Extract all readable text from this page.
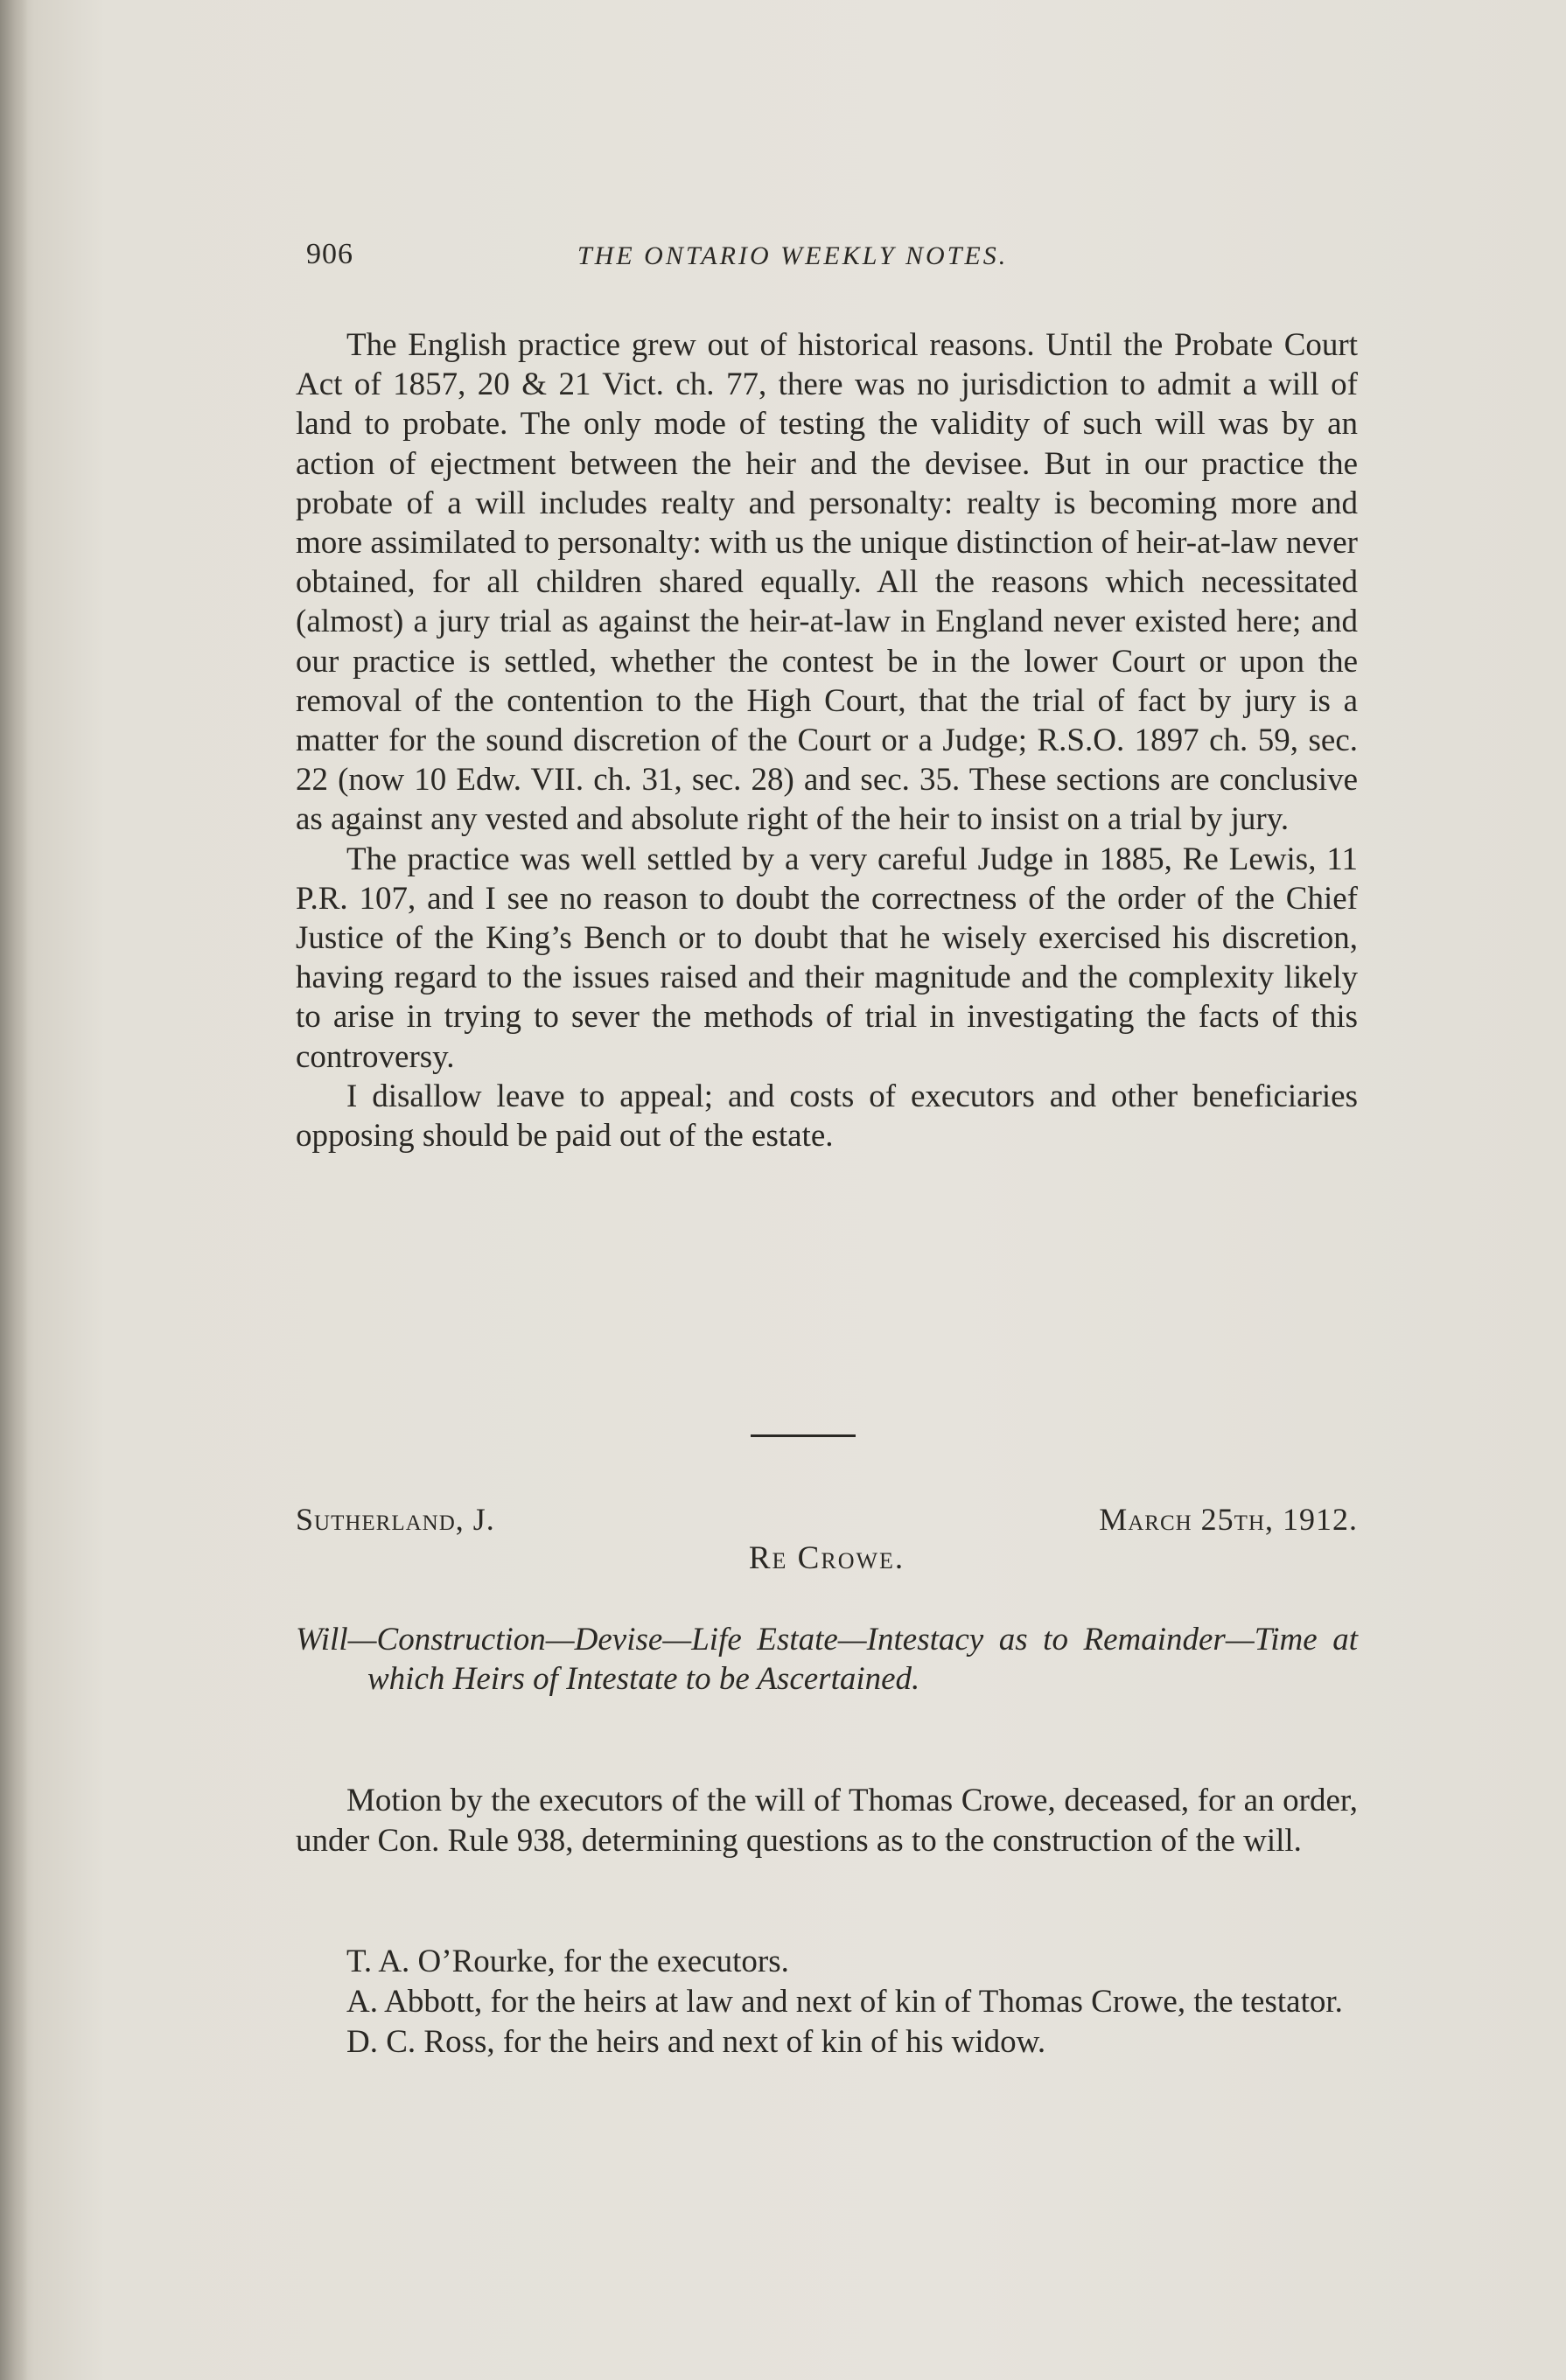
906	THE ONTARIO WEEKLY NOTES.

The English practice grew out of historical reasons. Until the Probate Court Act of 1857, 20 & 21 Vict. ch. 77, there was no jurisdiction to admit a will of land to probate. The only mode of testing the validity of such will was by an action of ejectment between the heir and the devisee. But in our practice the probate of a will includes realty and personalty: realty is becoming more and more assimilated to personalty: with us the unique distinction of heir-at-law never obtained, for all children shared equally. All the reasons which necessitated (almost) a jury trial as against the heir-at-law in England never existed here; and our practice is settled, whether the contest be in the lower Court or upon the removal of the contention to the High Court, that the trial of fact by jury is a matter for the sound discretion of the Court or a Judge; R.S.O. 1897 ch. 59, sec. 22 (now 10 Edw. VII. ch. 31, sec. 28) and sec. 35. These sections are conclusive as against any vested and absolute right of the heir to insist on a trial by jury.

The practice was well settled by a very careful Judge in 1885, Re Lewis, 11 P.R. 107, and I see no reason to doubt the correctness of the order of the Chief Justice of the King’s Bench or to doubt that he wisely exercised his discretion, having regard to the issues raised and their magnitude and the complexity likely to arise in trying to sever the methods of trial in investigating the facts of this controversy.

I disallow leave to appeal; and costs of executors and other beneficiaries opposing should be paid out of the estate.

Sutherland, J.	March 25th, 1912.
Re Crowe.
Will—Construction—Devise—Life Estate—Intestacy as to Remainder—Time at which Heirs of Intestate to be Ascertained.

Motion by the executors of the will of Thomas Crowe, deceased, for an order, under Con. Rule 938, determining questions as to the construction of the will.

T. A. O’Rourke, for the executors.

A. Abbott, for the heirs at law and next of kin of Thomas Crowe, the testator.

D. C. Ross, for the heirs and next of kin of his widow.
